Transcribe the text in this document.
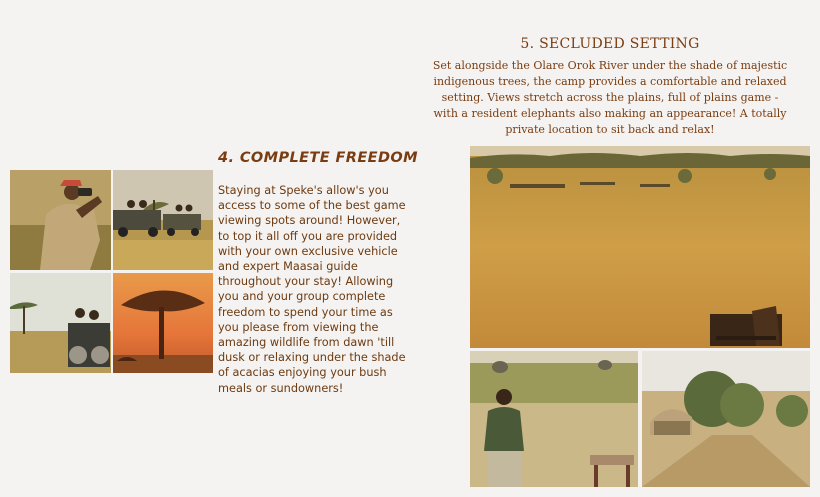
5. SECLUDED SETTING
Set alongside the Olare Orok River under the shade of majestic indigenous trees, the camp provides a comfortable and relaxed setting. Views stretch across the plains, full of plains game - with a resident elephants also making an appearance! A totally private location to sit back and relax!
4. COMPLETE FREEDOM
Staying at Speke's allow's you access to some of the best game viewing spots around! However, to top it all off you are provided with your own exclusive vehicle and expert Maasai guide throughout your stay! Allowing you and your group complete freedom to spend your time as you please from viewing the amazing wildlife from dawn 'till dusk or relaxing under the shade of acacias enjoying your bush meals or sundowners!
